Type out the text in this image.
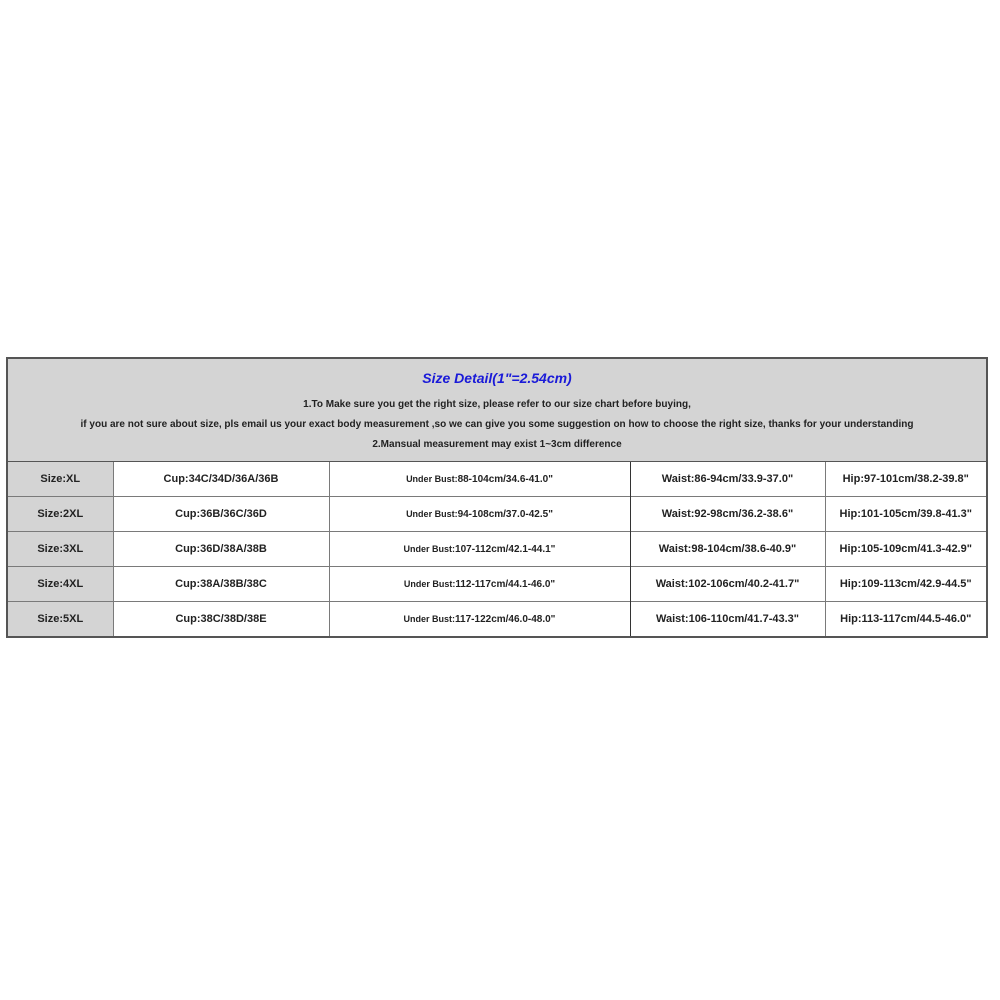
Size Detail(1"=2.54cm)
1.To Make sure you get the right size, please refer to our size chart before buying,
if you are not sure about size, pls email us your exact body measurement ,so we can give you some suggestion on how to choose the right size, thanks for your understanding
2.Mansual measurement may exist 1~3cm difference
Size:XL	Cup:34C/34D/36A/36B	Under Bust:88-104cm/34.6-41.0"	Waist:86-94cm/33.9-37.0"	Hip:97-101cm/38.2-39.8"
Size:2XL	Cup:36B/36C/36D	Under Bust:94-108cm/37.0-42.5"	Waist:92-98cm/36.2-38.6"	Hip:101-105cm/39.8-41.3"
Size:3XL	Cup:36D/38A/38B	Under Bust:107-112cm/42.1-44.1"	Waist:98-104cm/38.6-40.9"	Hip:105-109cm/41.3-42.9"
Size:4XL	Cup:38A/38B/38C	Under Bust:112-117cm/44.1-46.0"	Waist:102-106cm/40.2-41.7"	Hip:109-113cm/42.9-44.5"
Size:5XL	Cup:38C/38D/38E	Under Bust:117-122cm/46.0-48.0"	Waist:106-110cm/41.7-43.3"	Hip:113-117cm/44.5-46.0"
